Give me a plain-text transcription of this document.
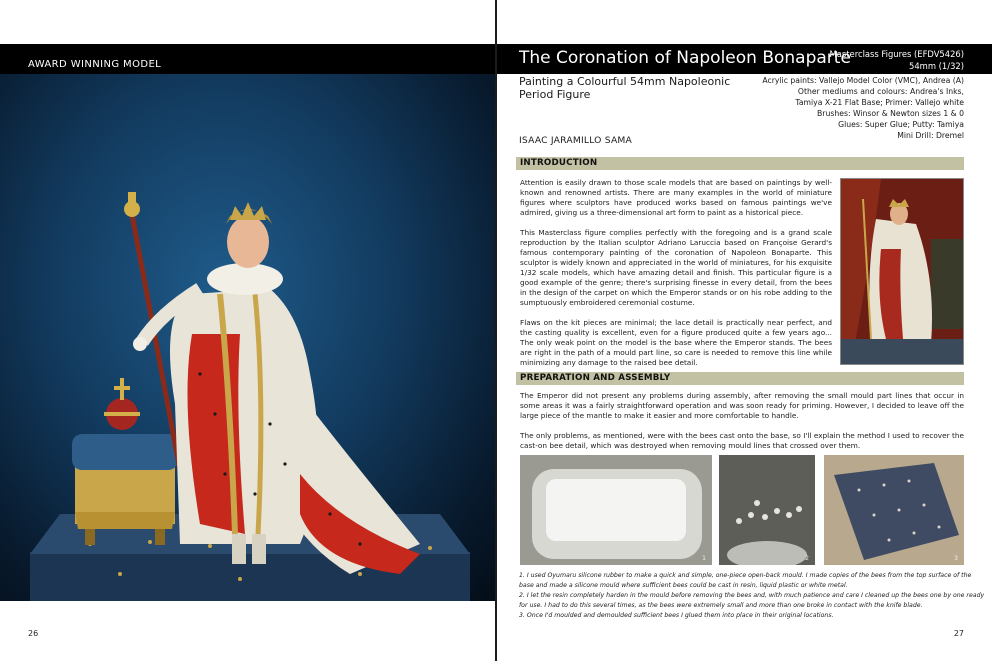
AWARD WINNING MODEL
26
The Coronation of Napoleon Bonaparte
Masterclass Figures (EFDV5426)
54mm (1/32)
Painting a Colourful 54mm Napoleonic
Period Figure
Acrylic paints: Vallejo Model Color (VMC), Andrea (A)
Other mediums and colours: Andrea's Inks,
Tamiya X-21 Flat Base; Primer: Vallejo white
Brushes: Winsor & Newton sizes 1 & 0
Glues: Super Glue; Putty: Tamiya
Mini Drill: Dremel
ISAAC JARAMILLO SAMA
INTRODUCTION
Attention is easily drawn to those scale models that are based on paintings by well-known and renowned artists. There are many examples in the world of miniature figures where sculptors have produced works based on famous paintings we've admired, giving us a three-dimensional art form to paint as a historical piece.
This Masterclass figure complies perfectly with the foregoing and is a grand scale reproduction by the Italian sculptor Adriano Laruccia based on Françoise Gerard's famous contemporary painting of the coronation of Napoleon Bonaparte. This sculptor is widely known and appreciated in the world of miniatures, for his exquisite 1/32 scale models, which have amazing detail and finish. This particular figure is a good example of the genre; there's surprising finesse in every detail, from the bees in the design of the carpet on which the Emperor stands or on his robe adding to the sumptuously embroidered ceremonial costume.
Flaws on the kit pieces are minimal; the lace detail is practically near perfect, and the casting quality is excellent, even for a figure produced quite a few years ago... The only weak point on the model is the base where the Emperor stands. The bees are right in the path of a mould part line, so care is needed to remove this line while minimizing any damage to the raised bee detail.
PREPARATION AND ASSEMBLY
The Emperor did not present any problems during assembly, after removing the small mould part lines that occur in some areas it was a fairly straightforward operation and was soon ready for priming. However, I decided to leave off the large piece of the mantle to make it easier and more comfortable to handle.
The only problems, as mentioned, were with the bees cast onto the base, so I'll explain the method I used to recover the cast-on bee detail, which was destroyed when removing mould lines that crossed over them.
1	2	3
1. I used Oyumaru silicone rubber to make a quick and simple, one-piece open-back mould. I made copies of the bees from the top surface of the
base and made a silicone mould where sufficient bees could be cast in resin, liquid plastic or white metal.
2. I let the resin completely harden in the mould before removing the bees and, with much patience and care I cleaned up the bees one by one ready
for use. I had to do this several times, as the bees were extremely small and more than one broke in contact with the knife blade.
3. Once I'd moulded and demoulded sufficient bees I glued them into place in their original locations.
27
